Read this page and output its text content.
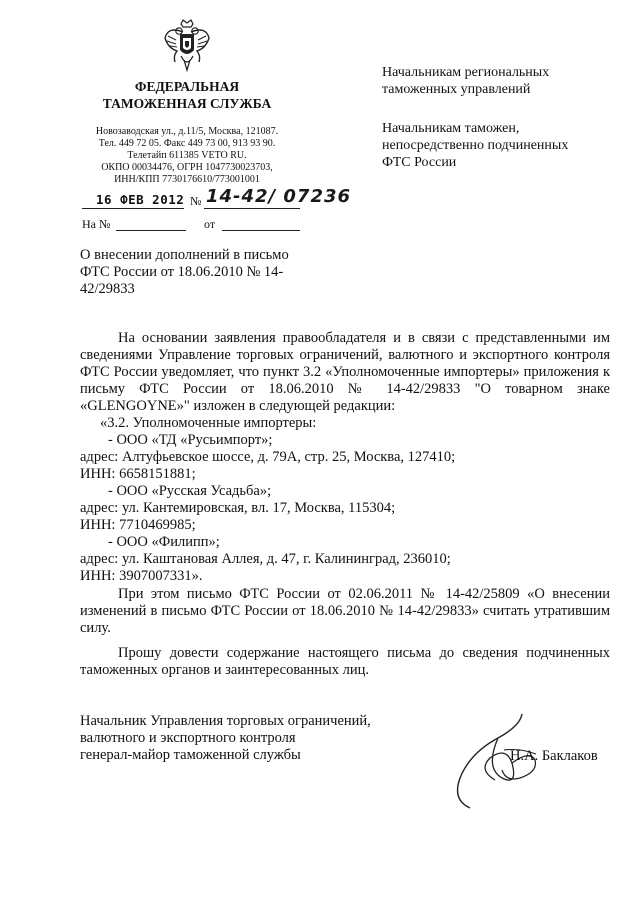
ФЕДЕРАЛЬНАЯ
ТАМОЖЕННАЯ СЛУЖБА
Новозаводская ул., д.11/5, Москва, 121087.
Тел. 449 72 05. Факс 449 73 00, 913 93 90.
Телетайп 611385 VETO RU.
ОКПО 00034476, ОГРН 1047730023703,
ИНН/КПП 7730176610/773001001
16 ФЕВ 2012 № 14-42/ 07236
На №	от
Начальникам региональных
таможенных управлений
Начальникам таможен,
непосредственно подчиненных
ФТС России
О внесении дополнений в письмо
ФТС России от 18.06.2010 № 14-
42/29833

На основании заявления правообладателя и в связи с представленными им сведениями Управление торговых ограничений, валютного и экспортного контроля ФТС России уведомляет, что пункт 3.2 «Уполномоченные импортеры» приложения к письму ФТС России от 18.06.2010 № 14-42/29833 "О товарном знаке «GLENGOYNE»" изложен в следующей редакции:

«3.2. Уполномоченные импортеры:
- ООО «ТД «Русьимпорт»;
адрес: Алтуфьевское шоссе, д. 79А, стр. 25, Москва, 127410;
ИНН: 6658151881;
- ООО «Русская Усадьба»;
адрес: ул. Кантемировская, вл. 17, Москва, 115304;
ИНН: 7710469985;
- ООО «Филипп»;
адрес: ул. Каштановая Аллея, д. 47, г. Калининград, 236010;
ИНН: 3907007331».

При этом письмо ФТС России от 02.06.2011 № 14-42/25809 «О внесении изменений в письмо ФТС России от 18.06.2010 № 14-42/29833» считать утратившим силу.

Прошу довести содержание настоящего письма до сведения подчиненных таможенных органов и заинтересованных лиц.

Начальник Управления торговых ограничений,
валютного и экспортного контроля
генерал-майор таможенной службы	Н.А. Баклаков
